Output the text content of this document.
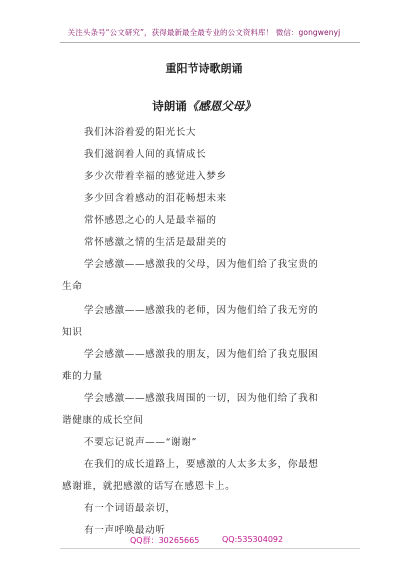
关注头条号“公文研究”，获得最新最全最专业的公文资料库！ 微信：gongwenyj
重阳节诗歌朗诵
诗朗诵《感恩父母》
我们沐浴着爱的阳光长大
我们滋润着人间的真情成长
多少次带着幸福的感觉进入梦乡
多少回含着感动的泪花畅想未来
常怀感恩之心的人是最幸福的
常怀感激之情的生活是最甜美的
学会感激——感激我的父母，因为他们给了我宝贵的
生命
学会感激——感激我的老师，因为他们给了我无穷的
知识
学会感激——感激我的朋友，因为他们给了我克服困
难的力量
学会感激——感激我周围的一切，因为他们给了我和
谐健康的成长空间
不要忘记说声——“谢谢”
在我们的成长道路上，要感激的人太多太多，你最想
感谢谁，就把感激的话写在感恩卡上。
有一个词语最亲切，
有一声呼唤最动听
QQ群：30265665	QQ:535304092
